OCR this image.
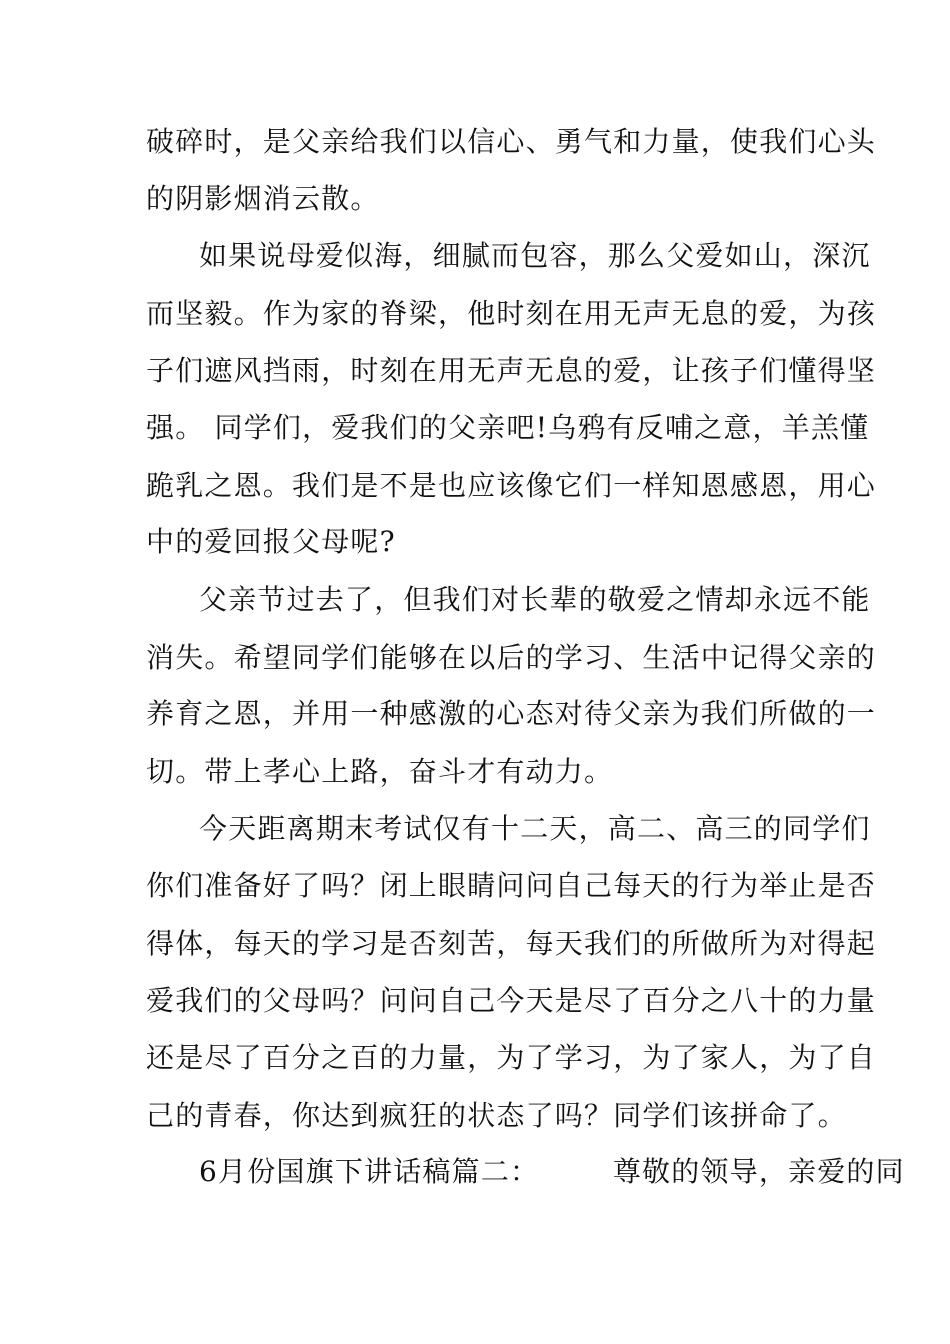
破碎时，是父亲给我们以信心、勇气和力量，使我们心头
的阴影烟消云散。
如果说母爱似海，细腻而包容，那么父爱如山，深沉
而坚毅。作为家的脊梁，他时刻在用无声无息的爱，为孩
子们遮风挡雨，时刻在用无声无息的爱，让孩子们懂得坚
强。 同学们，爱我们的父亲吧!乌鸦有反哺之意，羊羔懂
跪乳之恩。我们是不是也应该像它们一样知恩感恩，用心
中的爱回报父母呢?
父亲节过去了，但我们对长辈的敬爱之情却永远不能
消失。希望同学们能够在以后的学习、生活中记得父亲的
养育之恩，并用一种感激的心态对待父亲为我们所做的一
切。带上孝心上路，奋斗才有动力。
今天距离期末考试仅有十二天，高二、高三的同学们
你们准备好了吗？闭上眼睛问问自己每天的行为举止是否
得体，每天的学习是否刻苦，每天我们的所做所为对得起
爱我们的父母吗？问问自己今天是尽了百分之八十的力量
还是尽了百分之百的力量，为了学习，为了家人，为了自
己的青春，你达到疯狂的状态了吗？同学们该拼命了。
6月份国旗下讲话稿篇二：　　　尊敬的领导，亲爱的同
